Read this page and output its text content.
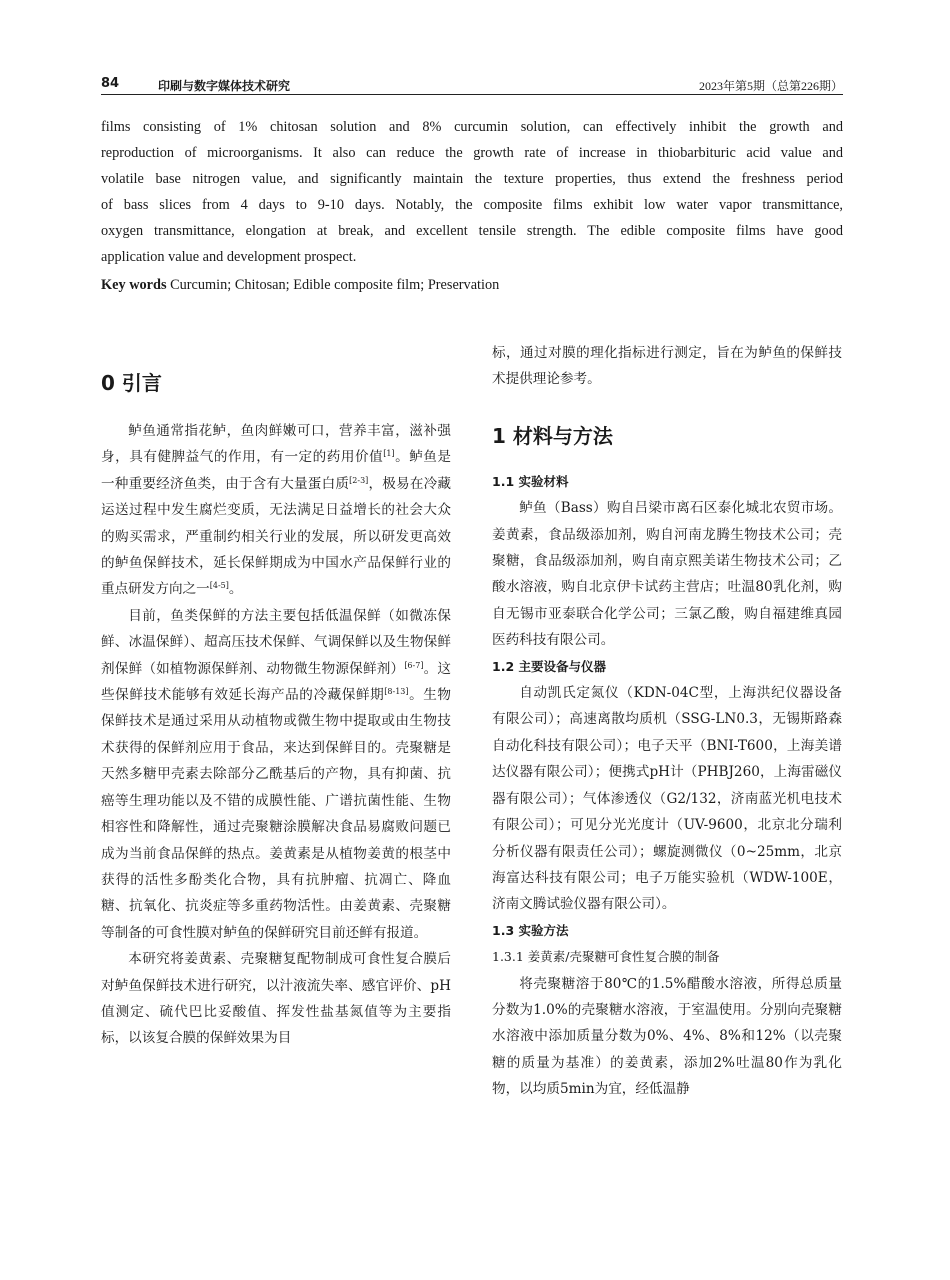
84	印刷与数字媒体技术研究	2023年第5期（总第226期）

films consisting of 1% chitosan solution and 8% curcumin solution, can effectively inhibit the growth and

reproduction of microorganisms. It also can reduce the growth rate of increase in thiobarbituric acid value and

volatile base nitrogen value, and significantly maintain the texture properties, thus extend the freshness period

of bass slices from 4 days to 9-10 days. Notably, the composite films exhibit low water vapor transmittance,

oxygen transmittance, elongation at break, and excellent tensile strength. The edible composite films have good

application value and development prospect.

Key words Curcumin; Chitosan; Edible composite film; Preservation
0 引言

鲈鱼通常指花鲈，鱼肉鲜嫩可口，营养丰富，滋补强身，具有健脾益气的作用，有一定的药用价值[1]。鲈鱼是一种重要经济鱼类，由于含有大量蛋白质[2-3]，极易在冷藏运送过程中发生腐烂变质，无法满足日益增长的社会大众的购买需求，严重制约相关行业的发展，所以研发更高效的鲈鱼保鲜技术，延长保鲜期成为中国水产品保鲜行业的重点研发方向之一[4-5]。

目前，鱼类保鲜的方法主要包括低温保鲜（如微冻保鲜、冰温保鲜）、超高压技术保鲜、气调保鲜以及生物保鲜剂保鲜（如植物源保鲜剂、动物微生物源保鲜剂）[6-7]。这些保鲜技术能够有效延长海产品的冷藏保鲜期[8-13]。生物保鲜技术是通过采用从动植物或微生物中提取或由生物技术获得的保鲜剂应用于食品，来达到保鲜目的。壳聚糖是天然多糖甲壳素去除部分乙酰基后的产物，具有抑菌、抗癌等生理功能以及不错的成膜性能、广谱抗菌性能、生物相容性和降解性，通过壳聚糖涂膜解决食品易腐败问题已成为当前食品保鲜的热点。姜黄素是从植物姜黄的根茎中获得的活性多酚类化合物，具有抗肿瘤、抗凋亡、降血糖、抗氧化、抗炎症等多重药物活性。由姜黄素、壳聚糖等制备的可食性膜对鲈鱼的保鲜研究目前还鲜有报道。

本研究将姜黄素、壳聚糖复配物制成可食性复合膜后对鲈鱼保鲜技术进行研究，以汁液流失率、感官评价、pH值测定、硫代巴比妥酸值、挥发性盐基氮值等为主要指标，以该复合膜的保鲜效果为目

标，通过对膜的理化指标进行测定，旨在为鲈鱼的保鲜技术提供理论参考。

1 材料与方法
1.1 实验材料

鲈鱼（Bass）购自吕梁市离石区泰化城北农贸市场。姜黄素，食品级添加剂，购自河南龙腾生物技术公司；壳聚糖，食品级添加剂，购自南京熙美诺生物技术公司；乙酸水溶液，购自北京伊卡试药主营店；吐温80乳化剂，购自无锡市亚泰联合化学公司；三氯乙酸，购自福建维真园医药科技有限公司。

1.2 主要设备与仪器

自动凯氏定氮仪（KDN-04C型，上海洪纪仪器设备有限公司）；高速离散均质机（SSG-LN0.3，无锡斯路森自动化科技有限公司）；电子天平（BNI-T600，上海美谱达仪器有限公司）；便携式pH计（PHBJ260，上海雷磁仪器有限公司）；气体渗透仪（G2/132，济南蓝光机电技术有限公司）；可见分光光度计（UV-9600，北京北分瑞利分析仪器有限责任公司）；螺旋测微仪（0~25mm，北京海富达科技有限公司；电子万能实验机（WDW-100E，济南文腾试验仪器有限公司）。

1.3 实验方法
1.3.1 姜黄素/壳聚糖可食性复合膜的制备

将壳聚糖溶于80℃的1.5%醋酸水溶液，所得总质量分数为1.0%的壳聚糖水溶液，于室温使用。分别向壳聚糖水溶液中添加质量分数为0%、4%、8%和12%（以壳聚糖的质量为基准）的姜黄素，添加2%吐温80作为乳化物，以均质5min为宜，经低温静
